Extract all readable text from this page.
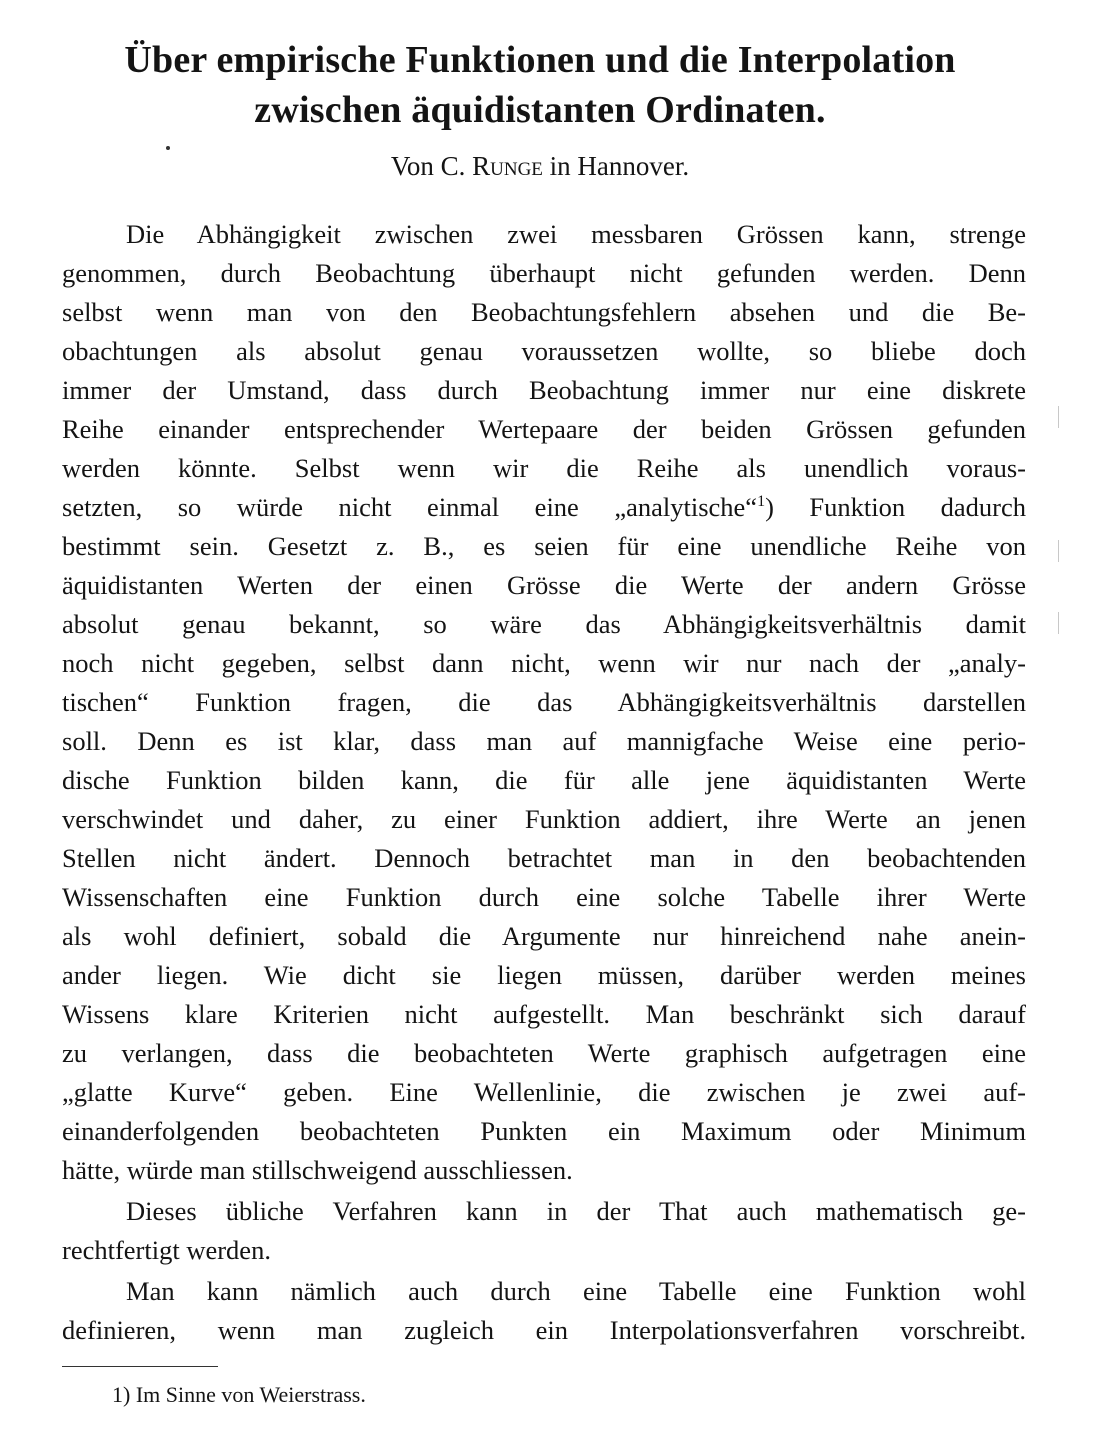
Über empirische Funktionen und die Interpolation
zwischen äquidistanten Ordinaten.
Von C. Runge in Hannover.
Die Abhängigkeit zwischen zwei messbaren Grössen kann, strenge
genommen, durch Beobachtung überhaupt nicht gefunden werden. Denn
selbst wenn man von den Beobachtungsfehlern absehen und die Be-
obachtungen als absolut genau voraussetzen wollte, so bliebe doch
immer der Umstand, dass durch Beobachtung immer nur eine diskrete
Reihe einander entsprechender Wertepaare der beiden Grössen gefunden
werden könnte. Selbst wenn wir die Reihe als unendlich voraus-
setzten, so würde nicht einmal eine „analytische“$^1$) Funktion dadurch
bestimmt sein. Gesetzt z. B., es seien für eine unendliche Reihe von
äquidistanten Werten der einen Grösse die Werte der andern Grösse
absolut genau bekannt, so wäre das Abhängigkeitsverhältnis damit
noch nicht gegeben, selbst dann nicht, wenn wir nur nach der „analy-
tischen“ Funktion fragen, die das Abhängigkeitsverhältnis darstellen
soll. Denn es ist klar, dass man auf mannigfache Weise eine perio-
dische Funktion bilden kann, die für alle jene äquidistanten Werte
verschwindet und daher, zu einer Funktion addiert, ihre Werte an jenen
Stellen nicht ändert. Dennoch betrachtet man in den beobachtenden
Wissenschaften eine Funktion durch eine solche Tabelle ihrer Werte
als wohl definiert, sobald die Argumente nur hinreichend nahe anein-
ander liegen. Wie dicht sie liegen müssen, darüber werden meines
Wissens klare Kriterien nicht aufgestellt. Man beschränkt sich darauf
zu verlangen, dass die beobachteten Werte graphisch aufgetragen eine
„glatte Kurve“ geben. Eine Wellenlinie, die zwischen je zwei auf-
einanderfolgenden beobachteten Punkten ein Maximum oder Minimum
hätte, würde man stillschweigend ausschliessen.
Dieses übliche Verfahren kann in der That auch mathematisch ge-
rechtfertigt werden.
Man kann nämlich auch durch eine Tabelle eine Funktion wohl
definieren, wenn man zugleich ein Interpolationsverfahren vorschreibt.
1) Im Sinne von Weierstrass.
